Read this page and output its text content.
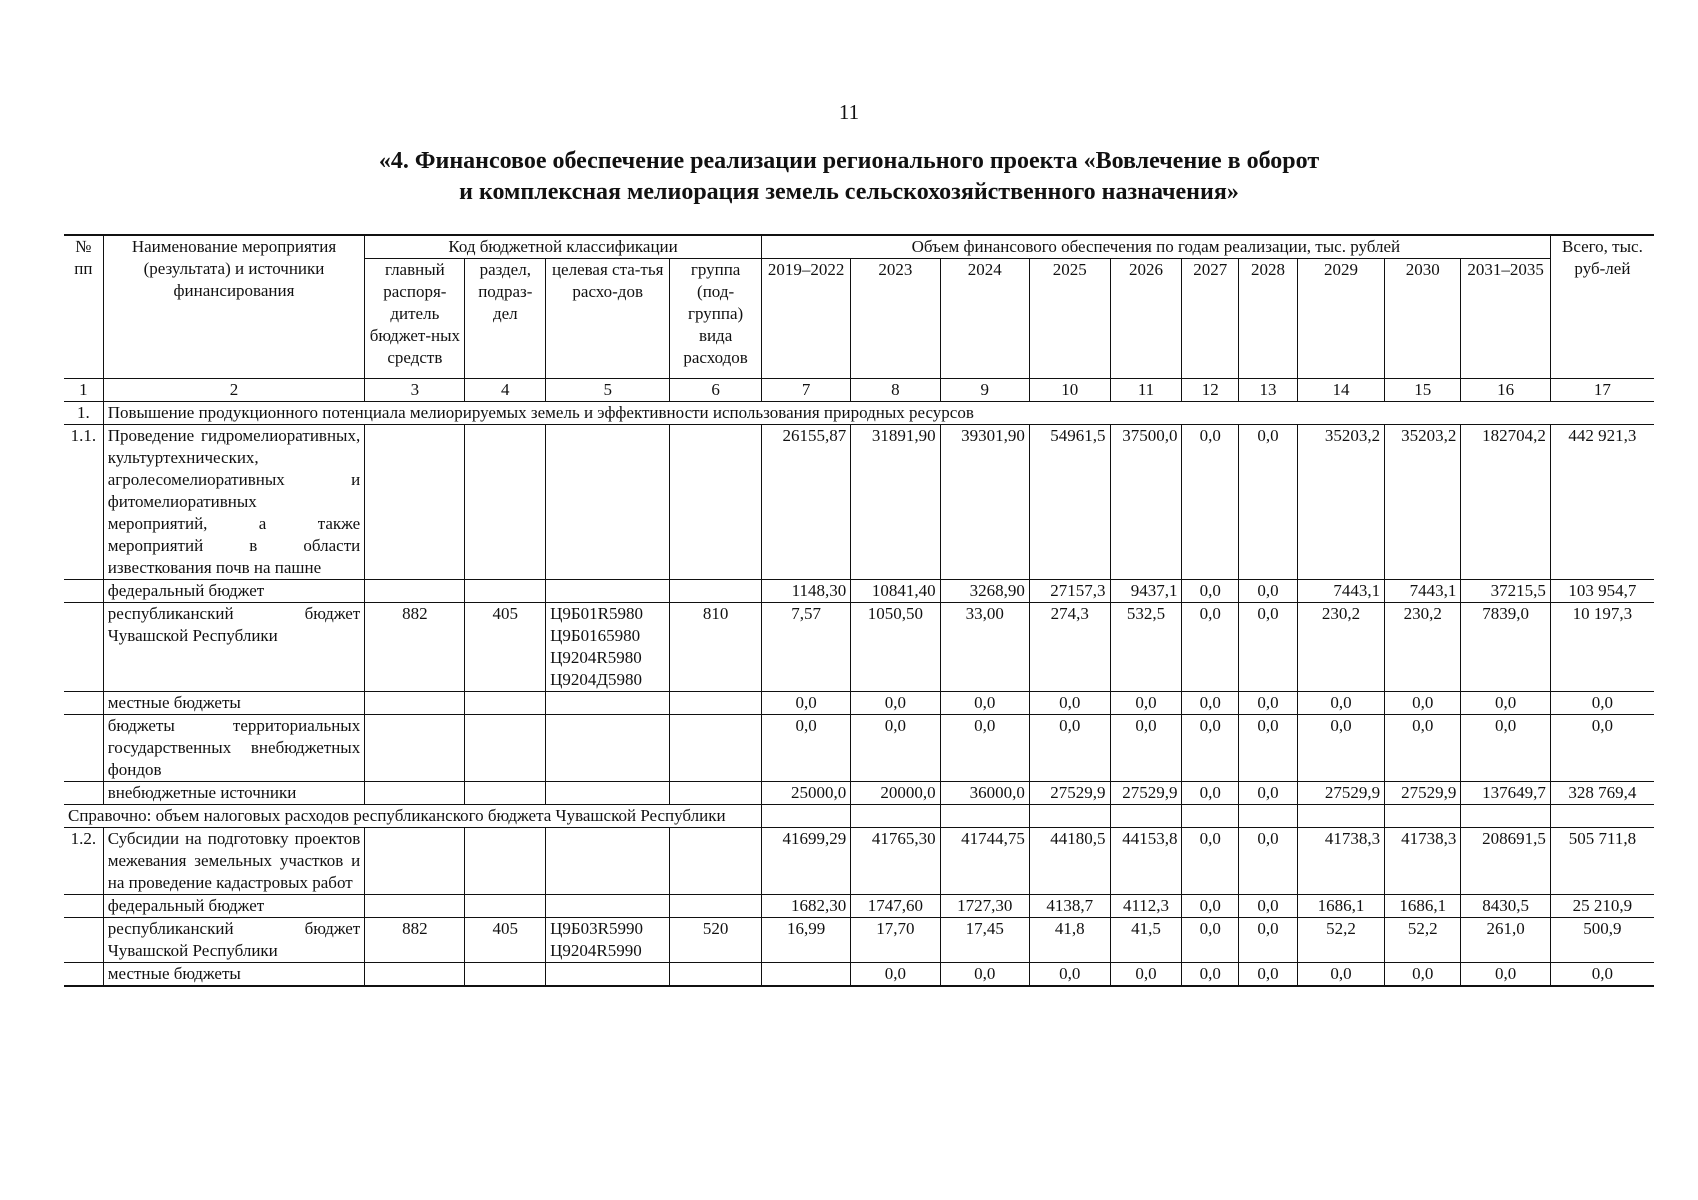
11
«4. Финансовое обеспечение реализации регионального проекта «Вовлечение в оборот
и комплексная мелиорация земель сельскохозяйственного назначения»
№ пп	Наименование мероприятия (результата) и источники финансирования	Код бюджетной классификации				Объем финансового обеспечения по годам реализации, тыс. рублей										Всего, тыс. руб-лей
		главный распоря-дитель бюджет-ных средств	раздел, подраз-дел	целевая ста-тья расхо-дов	группа (под-группа) вида расходов	2019–2022	2023	2024	2025	2026	2027	2028	2029	2030	2031–2035	
1	2	3	4	5	6	7	8	9	10	11	12	13	14	15	16	17
1.	Повышение продукционного потенциала мелиорируемых земель и эффективности использования природных ресурсов															
1.1.	Проведение гидромелиоративных, культуртехнических, агролесомелиоративных и фитомелиоративных мероприятий, а также мероприятий в области известкования почв на пашне					26155,87	31891,90	39301,90	54961,5	37500,0	0,0	0,0	35203,2	35203,2	182704,2	442 921,3
	федеральный бюджет					1148,30	10841,40	3268,90	27157,3	9437,1	0,0	0,0	7443,1	7443,1	37215,5	103 954,7
	республиканский бюджет Чувашской Республики	882	405	Ц9Б01R5980
Ц9Б0165980
Ц9204R5980
Ц9204Д5980	810	7,57	1050,50	33,00	274,3	532,5	0,0	0,0	230,2	230,2	7839,0	10 197,3
	местные бюджеты					0,0	0,0	0,0	0,0	0,0	0,0	0,0	0,0	0,0	0,0	0,0
	бюджеты территориальных государственных внебюджетных фондов					0,0	0,0	0,0	0,0	0,0	0,0	0,0	0,0	0,0	0,0	0,0
	внебюджетные источники					25000,0	20000,0	36000,0	27529,9	27529,9	0,0	0,0	27529,9	27529,9	137649,7	328 769,4
Справочно: объем налоговых расходов республиканского бюджета Чувашской Республики																
1.2.	Субсидии на подготовку проектов межевания земельных участков и на проведение кадастровых работ					41699,29	41765,30	41744,75	44180,5	44153,8	0,0	0,0	41738,3	41738,3	208691,5	505 711,8
	федеральный бюджет					1682,30	1747,60	1727,30	4138,7	4112,3	0,0	0,0	1686,1	1686,1	8430,5	25 210,9
	республиканский бюджет Чувашской Республики	882	405	Ц9Б03R5990
Ц9204R5990	520	16,99	17,70	17,45	41,8	41,5	0,0	0,0	52,2	52,2	261,0	500,9
	местные бюджеты						0,0	0,0	0,0	0,0	0,0	0,0	0,0	0,0	0,0	0,0
